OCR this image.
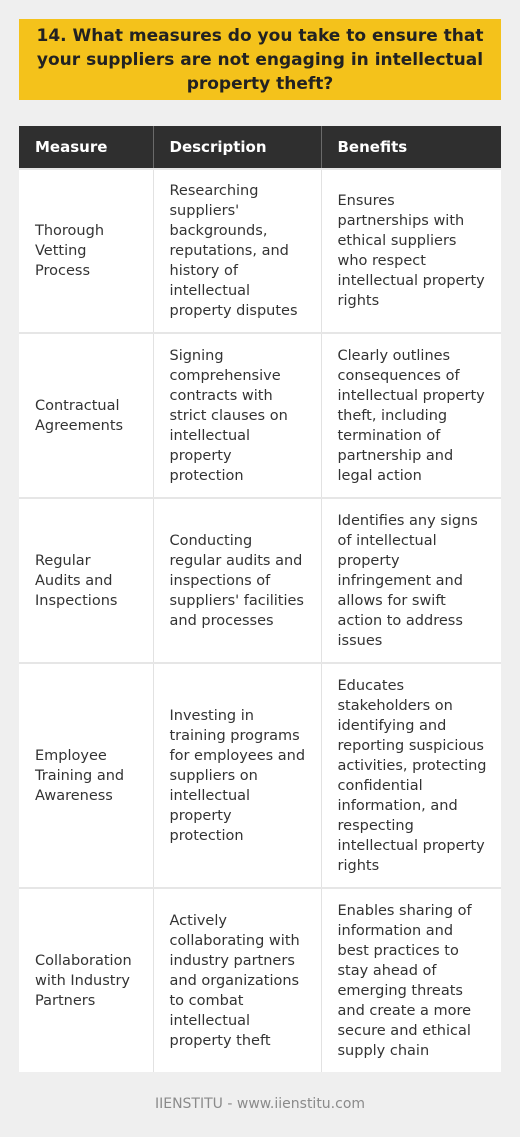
14. What measures do you take to ensure that your suppliers are not engaging in intellectual property theft?
Measure	Description	Benefits
Thorough Vetting Process	Researching suppliers' backgrounds, reputations, and history of intellectual property disputes	Ensures partnerships with ethical suppliers who respect intellectual property rights
Contractual Agreements	Signing comprehensive contracts with strict clauses on intellectual property protection	Clearly outlines consequences of intellectual property theft, including termination of partnership and legal action
Regular Audits and Inspections	Conducting regular audits and inspections of suppliers' facilities and processes	Identifies any signs of intellectual property infringement and allows for swift action to address issues
Employee Training and Awareness	Investing in training programs for employees and suppliers on intellectual property protection	Educates stakeholders on identifying and reporting suspicious activities, protecting confidential information, and respecting intellectual property rights
Collaboration with Industry Partners	Actively collaborating with industry partners and organizations to combat intellectual property theft	Enables sharing of information and best practices to stay ahead of emerging threats and create a more secure and ethical supply chain
IIENSTITU - www.iienstitu.com
